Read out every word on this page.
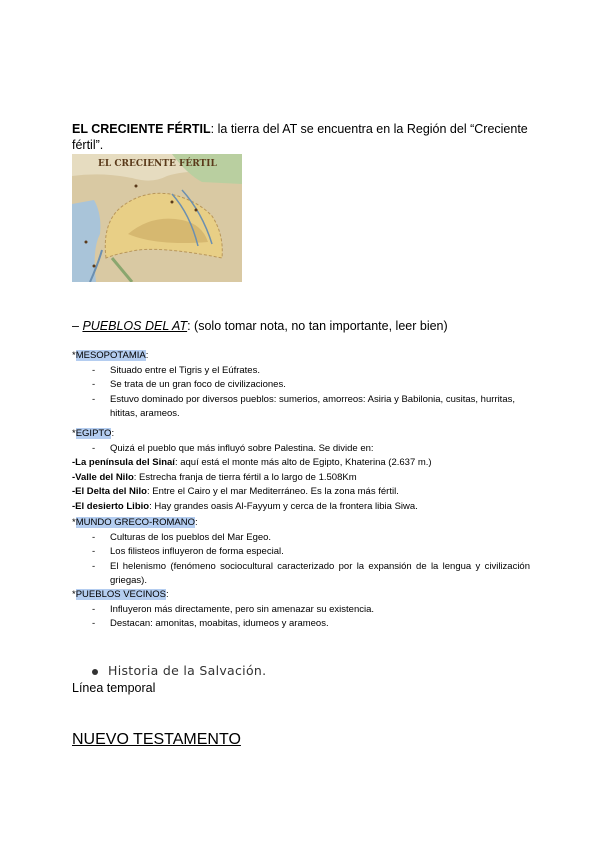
EL CRECIENTE FÉRTIL: la tierra del AT se encuentra en la Región del “Creciente fértil”.
EL CRECIENTE FÉRTIL
– PUEBLOS DEL AT: (solo tomar nota, no tan importante, leer bien)
*MESOPOTAMIA:
- Situado entre el Tigris y el Eúfrates.
- Se trata de un gran foco de civilizaciones.
- Estuvo dominado por diversos pueblos: sumerios, amorreos: Asiria y Babilonia, cusitas, hurritas, hititas, arameos.
*EGIPTO:
- Quizá el pueblo que más influyó sobre Palestina. Se divide en:
-La península del Sinaí: aquí está el monte más alto de Egipto, Khaterina (2.637 m.)
-Valle del Nilo: Estrecha franja de tierra fértil a lo largo de 1.508Km
-El Delta del Nilo: Entre el Cairo y el mar Mediterráneo. Es la zona más fértil.
-El desierto Libio: Hay grandes oasis Al-Fayyum y cerca de la frontera libia Siwa.
*MUNDO GRECO-ROMANO:
- Culturas de los pueblos del Mar Egeo.
- Los filisteos influyeron de forma especial.
- El helenismo (fenómeno sociocultural caracterizado por la expansión de la lengua y civilización griegas).
*PUEBLOS VECINOS:
- Influyeron más directamente, pero sin amenazar su existencia.
- Destacan: amonitas, moabitas, idumeos y arameos.
Historia de la Salvación.
Línea temporal
NUEVO TESTAMENTO
